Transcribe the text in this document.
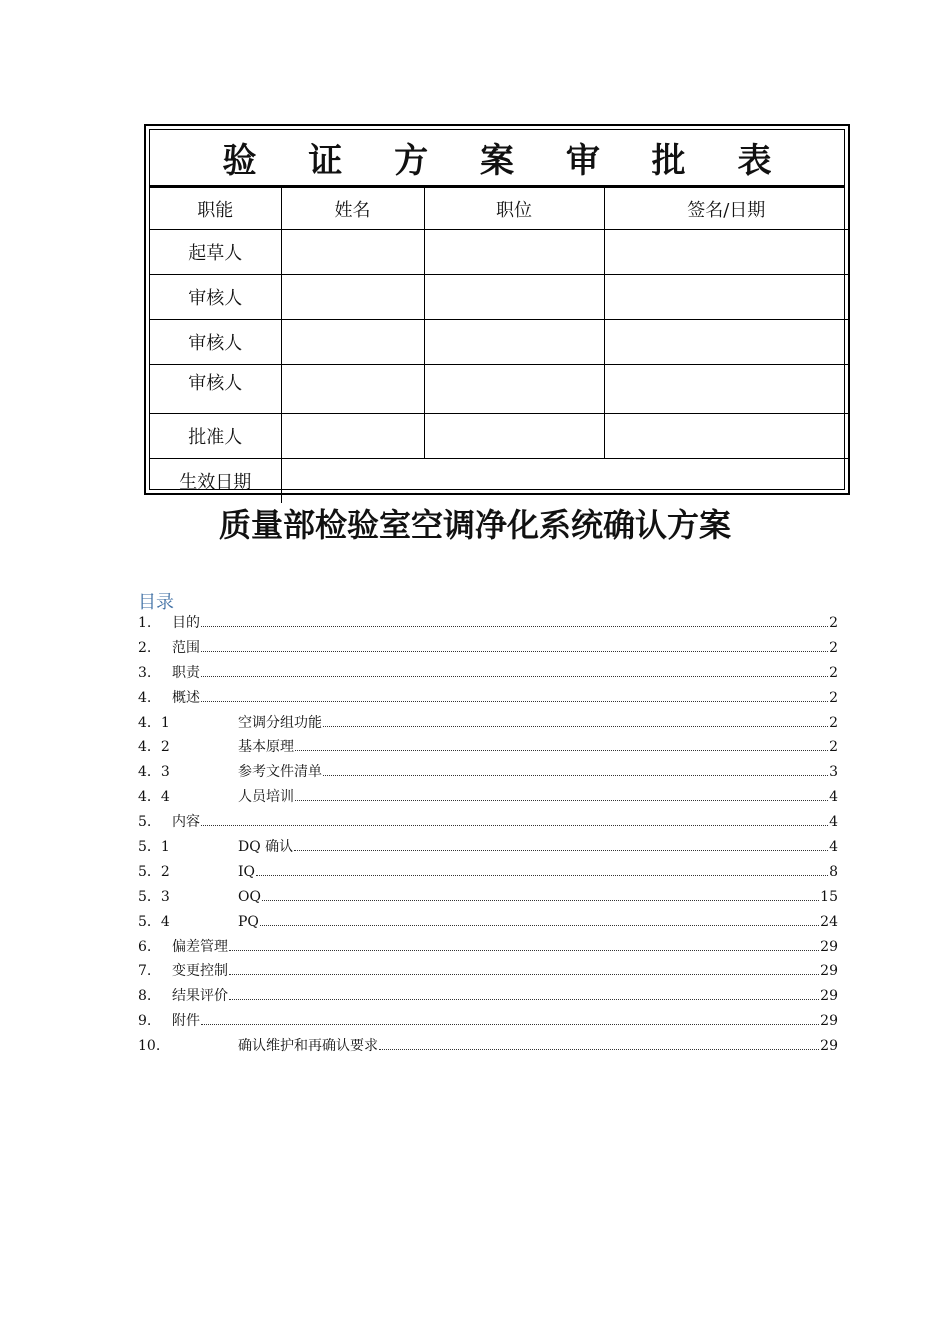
验 证 方 案 审 批 表
职能	姓名	职位	签名/日期
起草人			
审核人			
审核人			
审核人			
批准人			
生效日期			
质量部检验室空调净化系统确认方案
目录
1.	目的	2
2.	范围	2
3.	职责	2
4.	概述	2
4．1	空调分组功能	2
4．2	基本原理	2
4．3	参考文件清单	3
4．4	人员培训	4
5.	内容	4
5．1	DQ 确认	4
5．2	IQ	8
5．3	OQ	15
5．4	PQ	24
6.	偏差管理	29
7.	变更控制	29
8.	结果评价	29
9.	附件	29
10.	确认维护和再确认要求	29
